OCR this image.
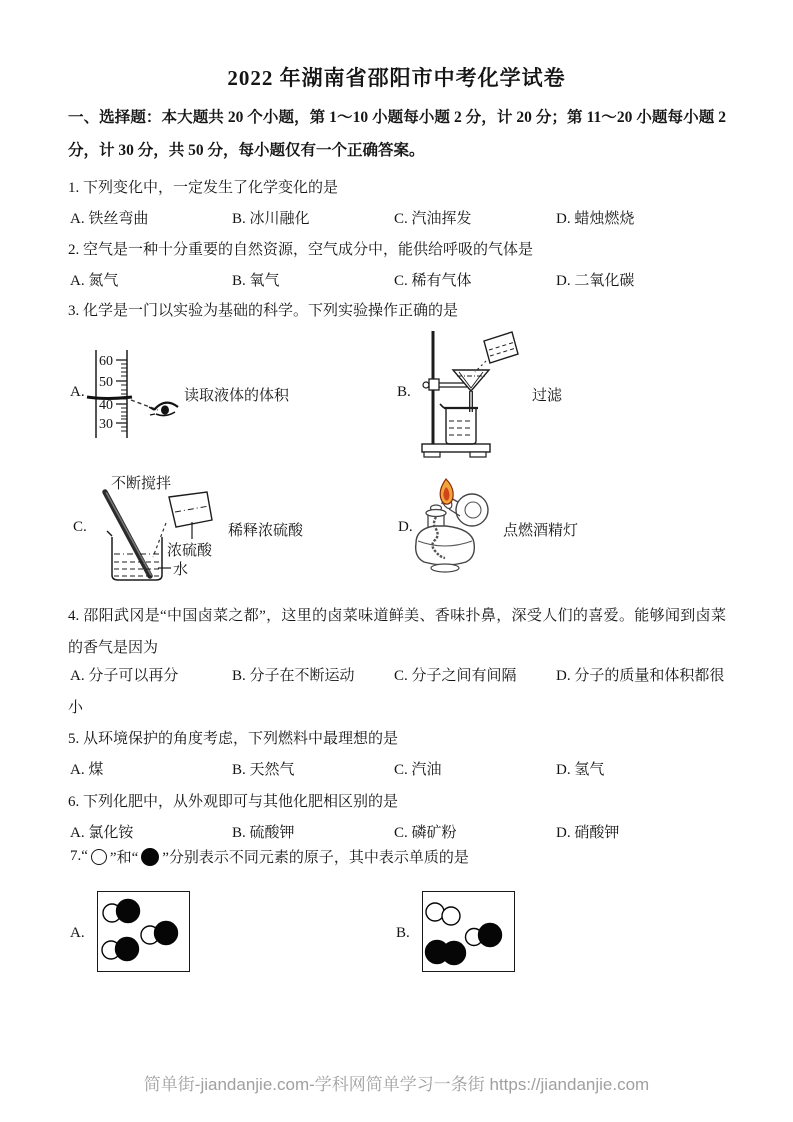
2022 年湖南省邵阳市中考化学试卷
一、选择题：本大题共 20 个小题，第 1～10 小题每小题 2 分，计 20 分；第 11～20 小题每小题 2 分，计 30 分，共 50 分，每小题仅有一个正确答案。
1. 下列变化中，一定发生了化学变化的是
A. 铁丝弯曲	B. 冰川融化	C. 汽油挥发	D. 蜡烛燃烧
2. 空气是一种十分重要的自然资源，空气成分中，能供给呼吸的气体是
A. 氮气	B. 氧气	C. 稀有气体	D. 二氧化碳
3. 化学是一门以实验为基础的科学。下列实验操作正确的是
A.
60
50
40
30
读取液体的体积	B.	过滤
C.
不断搅拌
浓硫酸
水
稀释浓硫酸	D.	点燃酒精灯
4. 邵阳武冈是“中国卤菜之都”，这里的卤菜味道鲜美、香味扑鼻，深受人们的喜爱。能够闻到卤菜的香气是因为
A. 分子可以再分	B. 分子在不断运动	C. 分子之间有间隔	D. 分子的质量和体积都很
小
5. 从环境保护的角度考虑，下列燃料中最理想的是
A. 煤	B. 天然气	C. 汽油	D. 氢气
6. 下列化肥中，从外观即可与其他化肥相区别的是
A. 氯化铵	B. 硫酸钾	C. 磷矿粉	D. 硝酸钾
7.“ ”和“ ”分别表示不同元素的原子，其中表示单质的是
A.	B.
简单街-jiandanjie.com-学科网简单学习一条街 https://jiandanjie.com
